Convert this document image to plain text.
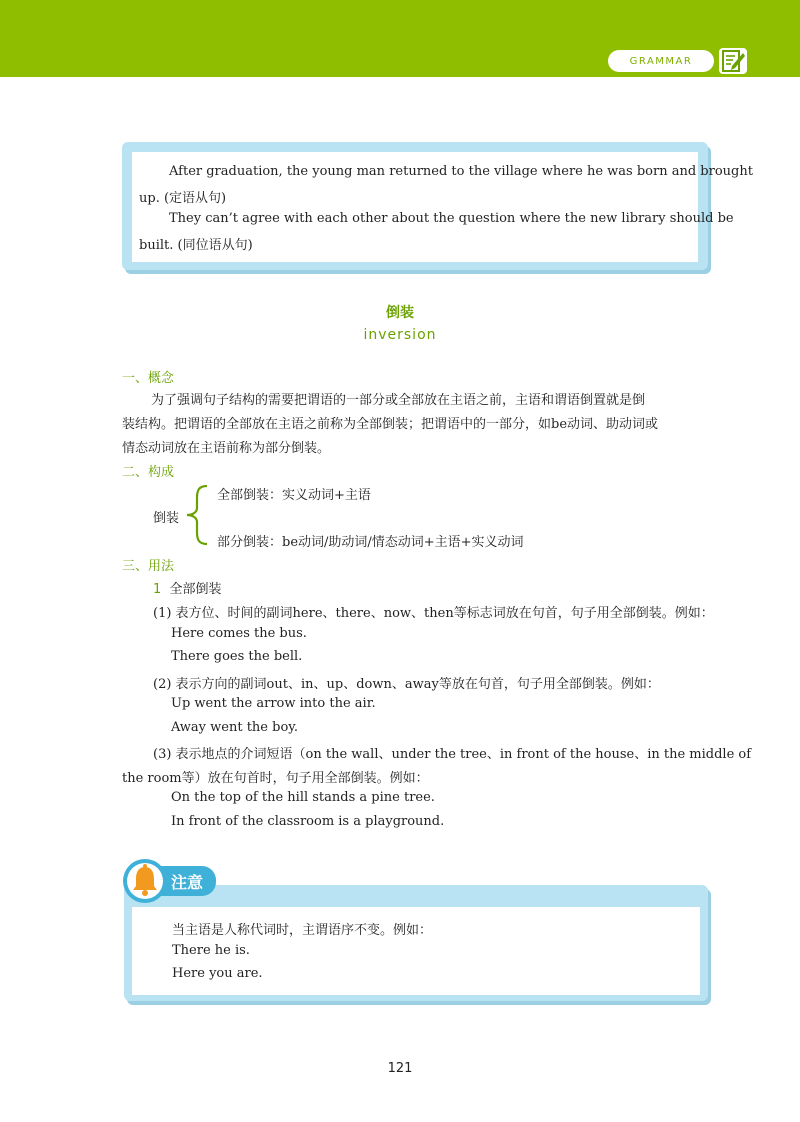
GRAMMAR
After graduation, the young man returned to the village where he was born and brought
up. (定语从句)
They can’t agree with each other about the question where the new library should be
built. (同位语从句)
倒装
inversion
一、概念
为了强调句子结构的需要把谓语的一部分或全部放在主语之前，主语和谓语倒置就是倒
装结构。把谓语的全部放在主语之前称为全部倒装；把谓语中的一部分，如be动词、助动词或
情态动词放在主语前称为部分倒装。
二、构成
倒装
全部倒装：实义动词+主语
部分倒装：be动词/助动词/情态动词+主语+实义动词
三、用法
1 全部倒装
(1) 表方位、时间的副词here、there、now、then等标志词放在句首，句子用全部倒装。例如：
Here comes the bus.
There goes the bell.
(2) 表示方向的副词out、in、up、down、away等放在句首，句子用全部倒装。例如：
Up went the arrow into the air.
Away went the boy.
(3) 表示地点的介词短语（on the wall、under the tree、in front of the house、in the middle of
the room等）放在句首时，句子用全部倒装。例如：
On the top of the hill stands a pine tree.
In front of the classroom is a playground.
注意
当主语是人称代词时，主谓语序不变。例如：
There he is.
Here you are.
121
